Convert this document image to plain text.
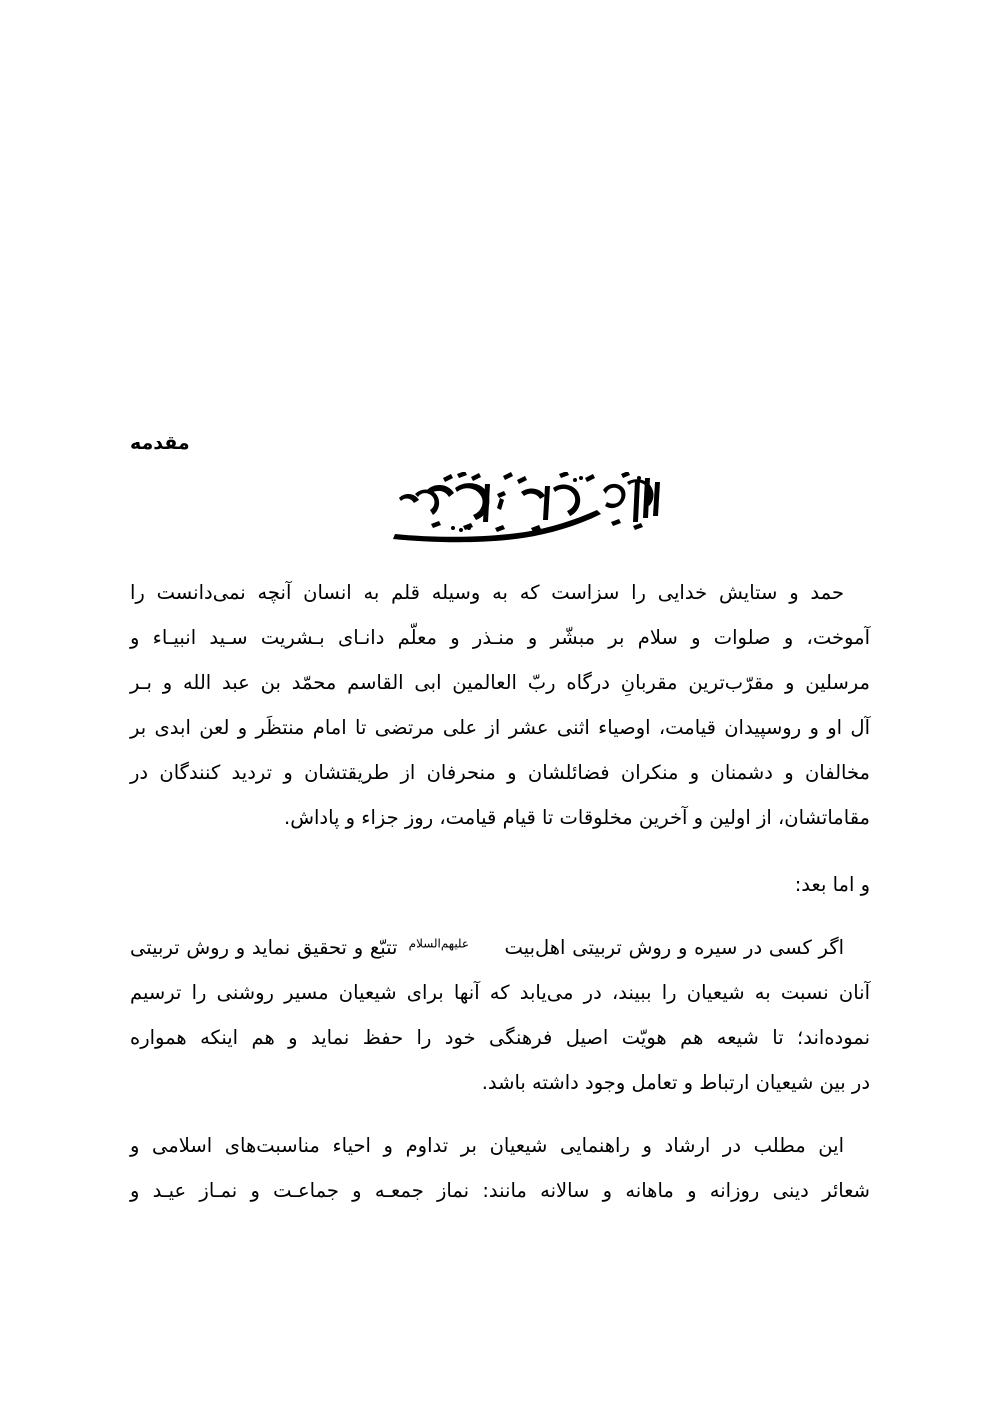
مقدمه
حمد و ستایش خدایی را سزاست که به وسیله قلم به انسان آنچه نمی‌دانست را
آموخت، و صلوات و سلام بر مبشّر و منـذر و معلّم دانـای بـشریت سـید انبیـاء و
مرسلین و مقرّب‌ترین مقربانِ درگاه ربّ العالمین ابی القاسم محمّد بن عبد الله و بـر
آل او و روسپیدان قیامت، اوصیاء اثنی عشر از علی مرتضی تا امام منتظَر و لعن ابدی بر
مخالفان و دشمنان و منکران فضائلشان و منحرفان از طریقتشان و تردید کنندگان در
مقاماتشان، از اولین و آخرین مخلوقات تا قیام قیامت، روز جزاء و پاداش.
و اما بعد:
اگر کسی در سیره و روش تربیتی اهل‌بیت علیهم‌السلام تتبّع و تحقیق نماید و روش تربیتی
آنان نسبت به شیعیان را ببیند، در می‌یابد که آنها برای شیعیان مسیر روشنی را ترسیم
نموده‌اند؛ تا شیعه هم هویّت اصیل فرهنگی خود را حفظ نماید و هم اینکه همواره
در بین شیعیان ارتباط و تعامل وجود داشته باشد.
این مطلب در ارشاد و راهنمایی شیعیان بر تداوم و احیاء مناسبت‌های اسلامی و
شعائر دینی روزانه و ماهانه و سالانه مانند: نماز جمعـه و جماعـت و نمـاز عیـد و
